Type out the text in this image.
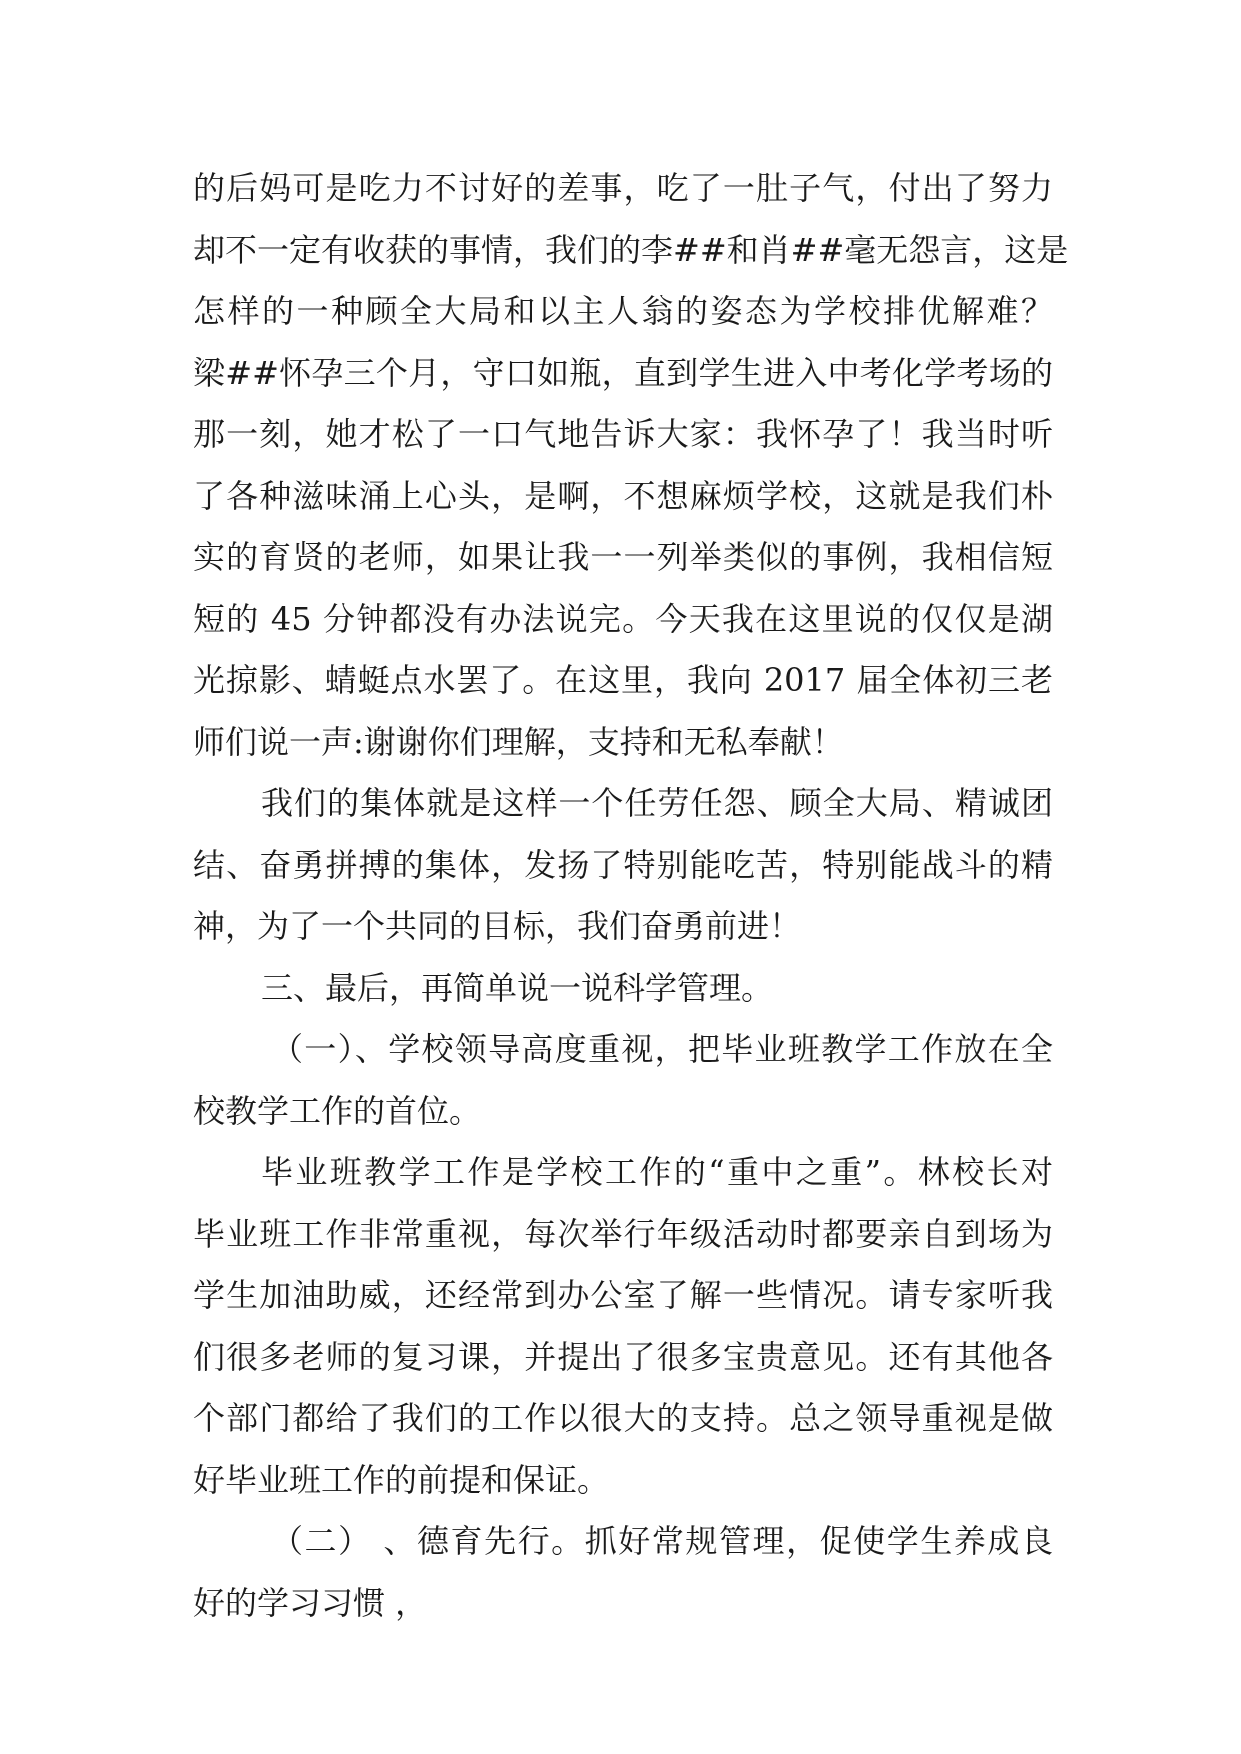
的后妈可是吃力不讨好的差事，吃了一肚子气，付出了努力
却不一定有收获的事情，我们的李##和肖##毫无怨言，这是
怎样的一种顾全大局和以主人翁的姿态为学校排优解难？
梁##怀孕三个月，守口如瓶，直到学生进入中考化学考场的
那一刻，她才松了一口气地告诉大家：我怀孕了！我当时听
了各种滋味涌上心头，是啊，不想麻烦学校，这就是我们朴
实的育贤的老师，如果让我一一列举类似的事例，我相信短
短的 45 分钟都没有办法说完。今天我在这里说的仅仅是湖
光掠影、蜻蜓点水罢了。在这里，我向 2017 届全体初三老
师们说一声:谢谢你们理解，支持和无私奉献！
我们的集体就是这样一个任劳任怨、顾全大局、精诚团
结、奋勇拼搏的集体，发扬了特别能吃苦，特别能战斗的精
神，为了一个共同的目标，我们奋勇前进！
三、最后，再简单说一说科学管理。
（一）、学校领导高度重视，把毕业班教学工作放在全
校教学工作的首位。
毕业班教学工作是学校工作的“重中之重”。林校长对
毕业班工作非常重视，每次举行年级活动时都要亲自到场为
学生加油助威，还经常到办公室了解一些情况。请专家听我
们很多老师的复习课，并提出了很多宝贵意见。还有其他各
个部门都给了我们的工作以很大的支持。总之领导重视是做
好毕业班工作的前提和保证。
（二） 、德育先行。抓好常规管理，促使学生养成良
好的学习习惯 ，
